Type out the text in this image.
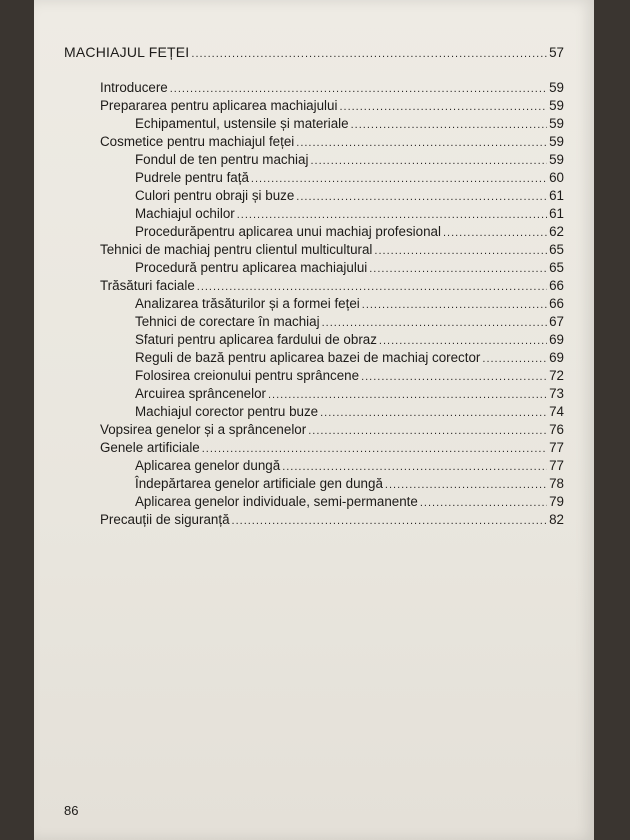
MACHIAJUL FEȚEI .....	57
Introducere .....	59
Prepararea pentru aplicarea machiajului .....	59
Echipamentul, ustensile și materiale .....	59
Cosmetice pentru machiajul feței .....	59
Fondul de ten pentru machiaj .....	59
Pudrele pentru față .....	60
Culori pentru obraji și buze .....	61
Machiajul ochilor .....	61
Procedurăpentru aplicarea unui machiaj profesional .....	62
Tehnici de machiaj pentru clientul multicultural .....	65
Procedură pentru aplicarea machiajului .....	65
Trăsături faciale .....	66
Analizarea trăsăturilor și a formei feței .....	66
Tehnici de corectare în machiaj .....	67
Sfaturi pentru aplicarea fardului de obraz .....	69
Reguli de bază pentru aplicarea bazei de machiaj corector .....	69
Folosirea creionului pentru sprâncene .....	72
Arcuirea sprâncenelor .....	73
Machiajul corector pentru buze .....	74
Vopsirea genelor și a sprâncenelor .....	76
Genele artificiale .....	77
Aplicarea genelor dungă .....	77
Îndepărtarea genelor artificiale gen dungă .....	78
Aplicarea genelor individuale, semi-permanente .....	79
Precauții de siguranță .....	82
86
